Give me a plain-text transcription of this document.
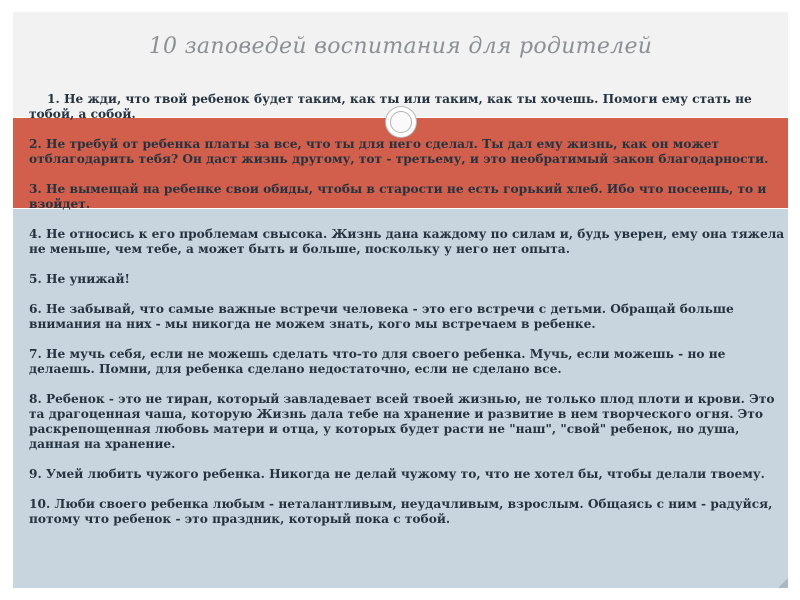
10 заповедей воспитания для родителей

1. Не жди, что твой ребенок будет таким, как ты или таким, как ты хочешь. Помоги ему стать не тобой, а собой.

2. Не требуй от ребенка платы за все, что ты для него сделал. Ты дал ему жизнь, как он может отблагодарить тебя? Он даст жизнь другому, тот - третьему, и это необратимый закон благодарности.

3. Не вымещай на ребенке свои обиды, чтобы в старости не есть горький хлеб. Ибо что посеешь, то и взойдет.

4. Не относись к его проблемам свысока. Жизнь дана каждому по силам и, будь уверен, ему она тяжела не меньше, чем тебе, а может быть и больше, поскольку у него нет опыта.

5. Не унижай!

6. Не забывай, что самые важные встречи человека - это его встречи с детьми. Обращай больше внимания на них - мы никогда не можем знать, кого мы встречаем в ребенке.

7. Не мучь себя, если не можешь сделать что-то для своего ребенка. Мучь, если можешь - но не делаешь. Помни, для ребенка сделано недостаточно, если не сделано все.

8. Ребенок - это не тиран, который завладевает всей твоей жизнью, не только плод плоти и крови. Это та драгоценная чаша, которую Жизнь дала тебе на хранение и развитие в нем творческого огня. Это раскрепощенная любовь матери и отца, у которых будет расти не "наш", "свой" ребенок, но душа, данная на хранение.

9. Умей любить чужого ребенка. Никогда не делай чужому то, что не хотел бы, чтобы делали твоему.

10. Люби своего ребенка любым - неталантливым, неудачливым, взрослым. Общаясь с ним - радуйся, потому что ребенок - это праздник, который пока с тобой.
